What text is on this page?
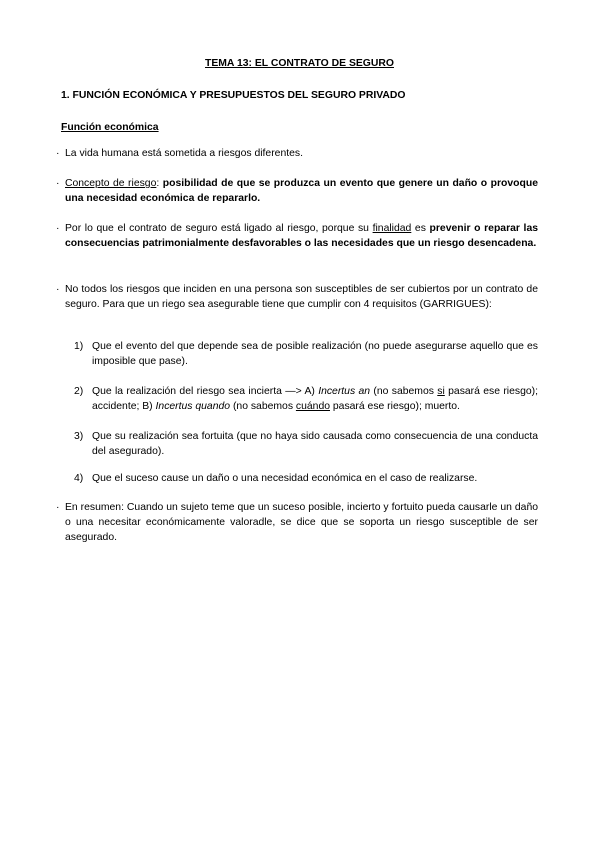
TEMA 13: EL CONTRATO DE SEGURO
1. FUNCIÓN ECONÓMICA Y PRESUPUESTOS DEL SEGURO PRIVADO
Función económica
· La vida humana está sometida a riesgos diferentes.
· Concepto de riesgo: posibilidad de que se produzca un evento que genere un daño o provoque una necesidad económica de repararlo.
· Por lo que el contrato de seguro está ligado al riesgo, porque su finalidad es prevenir o reparar las consecuencias patrimonialmente desfavorables o las necesidades que un riesgo desencadena.
· No todos los riesgos que inciden en una persona son susceptibles de ser cubiertos por un contrato de seguro. Para que un riego sea asegurable tiene que cumplir con 4 requisitos (GARRIGUES):
1) Que el evento del que depende sea de posible realización (no puede asegurarse aquello que es imposible que pase).
2) Que la realización del riesgo sea incierta —> A) Incertus an (no sabemos si pasará ese riesgo); accidente; B) Incertus quando (no sabemos cuándo pasará ese riesgo); muerto.
3) Que su realización sea fortuita (que no haya sido causada como consecuencia de una conducta del asegurado).
4) Que el suceso cause un daño o una necesidad económica en el caso de realizarse.
· En resumen: Cuando un sujeto teme que un suceso posible, incierto y fortuito pueda causarle un daño o una necesitar económicamente valoradle, se dice que se soporta un riesgo susceptible de ser asegurado.
